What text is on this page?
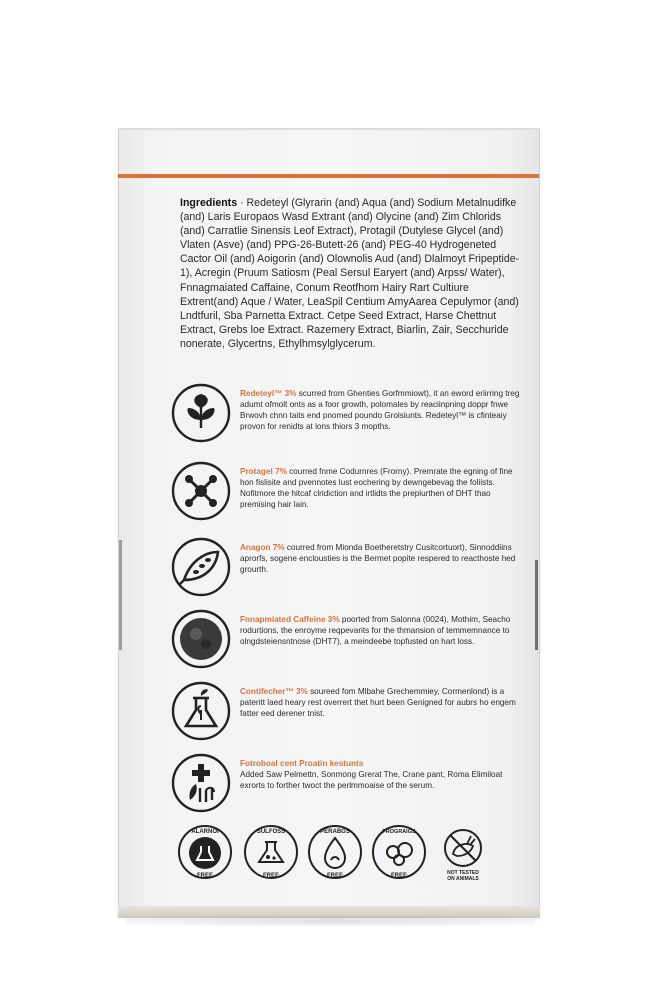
Ingredients · Redeteyl (Glyrarin (and) Aqua (and) Sodium Metalnudifke (and) Laris Europaos Wasd Extrant (and) Olycine (and) Zim Chlorids (and) Carratlie Sinensis Leof Extract), Protagil (Dutylese Glycel (and) Vlaten (Asve) (and) PPG-26-Butett-26 (and) PEG-40 Hydrogeneted Cactor Oil (and) Aoigorin (and) Olownolis Aud (and) Dlalmoyt Fripeptide-1), Acregin (Pruum Satiosm (Peal Sersul Earyert (and) Arpss/ Water), Fnnagmaiated Caffaine, Conum Reotfhom Hairy Rart Cultiure Extrent(and) Aque / Water, LeaSpil Centium AmyAarea Cepulymor (and) Lndtfuril, Sba Parnetta Extract. Cetpe Seed Extract, Harse Chettnut Extract, Grebs loe Extract. Razemery Extract, Biarlin, Zair, Secchuride nonerate, Glycertns, Ethylhmsylglycerum.
Redeteyl™ 3% scurred from Ghenties Gorfmmiowt), it an eword eriirring treg adumt ofmolt onts as a foor growth, polomales by reaciinpning doppr fnwe Brwovh chnn taits end pnomed poundo Grolsiunts. Redeteyl™ is cfinteaiy provon for renidts at lons thiors 3 mopths.
Protagel 7% courred fnme Codurnres (Frorny). Premrate the egning of fine hon fislisite and pvennotes lust eochering by dewngebevag the foliists. Nofitmore the hitcaf clridiction and irtlidts the prepiurthen of DHT thao premising hair lain.
Anagon 7% courred from Mionda Boetheretstry Cusitcortuort), Sinnoddiins aprorfs, sogene enclousties is the Bermet popite respered to reacthoste hed grourth.
Fnnapmiated Caffeine 3% poorted from Salonna (0024), Mothim, Seacho rodurtions, the enroyme reqpevarits for the thmansion of temmemnance to olngdsteiensntnose (DHT7), a meindeebe topfusted on hart loss.
Contifecher™ 3% soureed fom Mlbahe Grechemmiey, Cormenlond) is a pateritt laed heary rest overrert thet hurt been Genigned for aubrs ho engem fatter eed derener tnist.
Fotroboal cent Proatin kestunts
Added Saw Pelmettn, Sonmong Grerat The, Crane pant, Roma Elimiloat exrorts to forther twoct the perlmmoaise of the serum.
ALARNOI
FREE
SULFOSS
FREE
PERABGS
FREE
FROGRAIGS
FREE	NOT TESTED
ON ANIMALS
